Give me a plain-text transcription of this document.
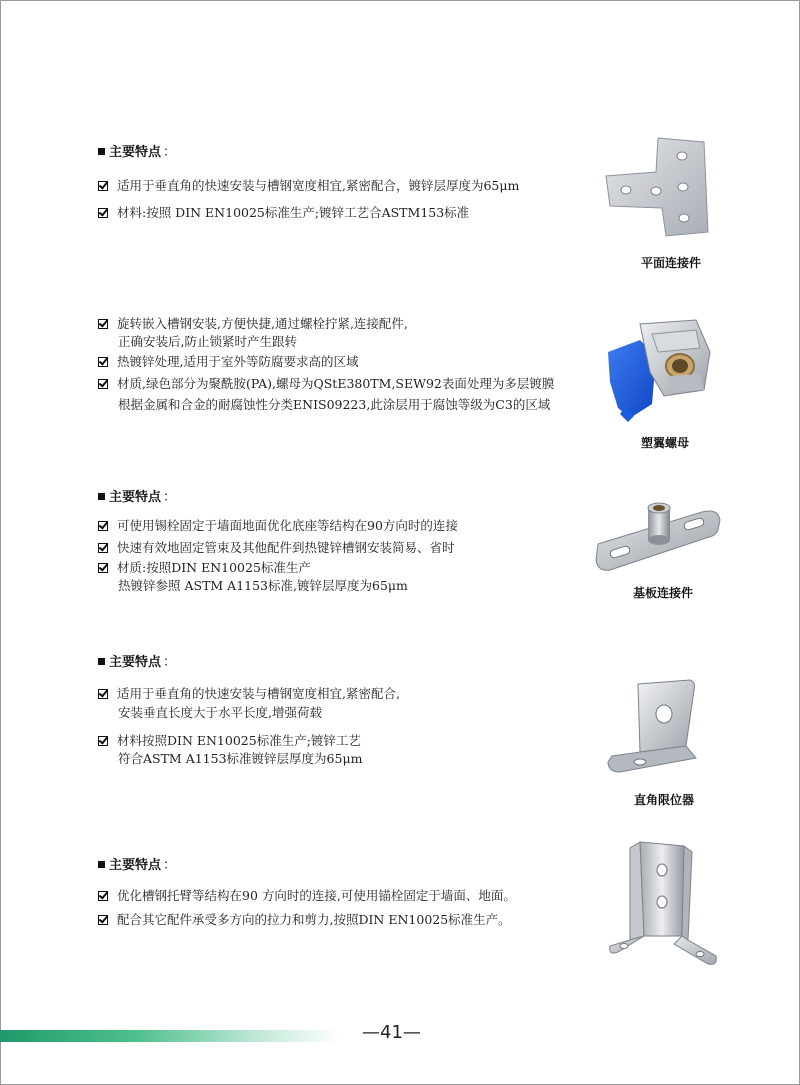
主要特点 ：
适用于垂直角的快速安装与槽钢宽度相宜,紧密配合，镀锌层厚度为65μm
材料:按照 DIN EN10025标准生产;镀锌工艺合ASTM153标准
平面连接件
旋转嵌入槽钢安装,方便快捷,通过螺栓拧紧,连接配件,
正确安装后,防止锁紧时产生跟转
热镀锌处理,适用于室外等防腐要求高的区域
材质,绿色部分为聚酰胺(PA),螺母为QStE380TM,SEW92表面处理为多层镀膜
根据金属和合金的耐腐蚀性分类ENIS09223,此涂层用于腐蚀等级为C3的区域
塑翼螺母
主要特点 ：
可使用锡栓固定于墙面地面优化底座等结构在90方向时的连接
快速有效地固定管束及其他配件到热键锌槽钢安装简易、省时
材质:按照DIN EN10025标准生产
热镀锌参照 ASTM A1153标准,镀锌层厚度为65μm	基板连接件
主要特点 ：
适用于垂直角的快速安装与槽钢宽度相宜,紧密配合,
安装垂直长度大于水平长度,增强荷载
材料按照DIN EN10025标准生产;镀锌工艺
符合ASTM A1153标准镀锌层厚度为65μm
直角限位器
主要特点 ：
优化槽钢托臂等结构在90 方向时的连接,可使用锚栓固定于墙面、地面。
配合其它配件承受多方向的拉力和剪力,按照DIN EN10025标准生产。
—41—
